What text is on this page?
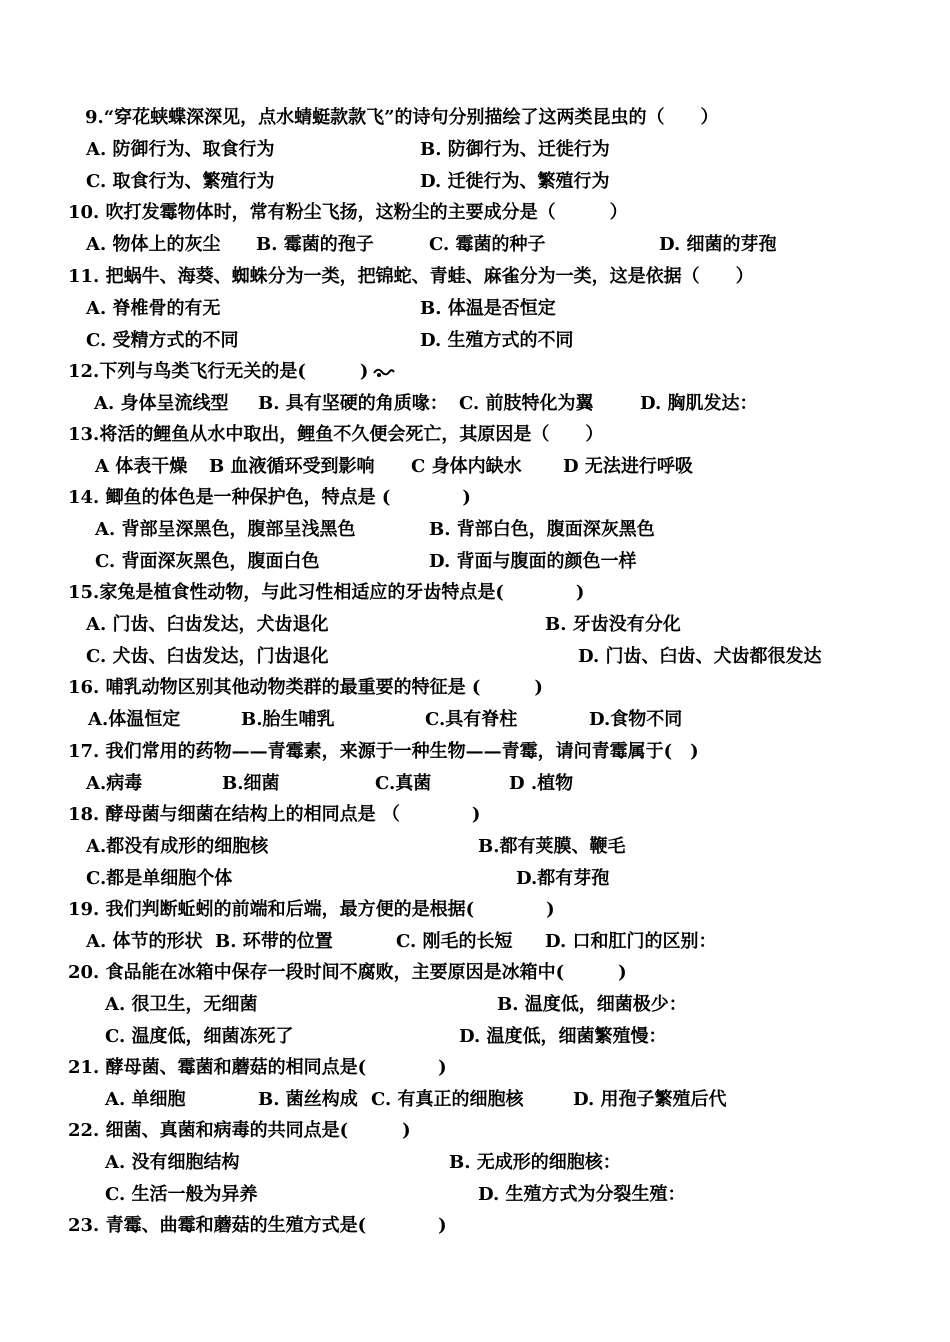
9.“穿花蛱蝶深深见，点水蜻蜓款款飞”的诗句分别描绘了这两类昆虫的（　　）
A. 防御行为、取食行为	B. 防御行为、迁徙行为
C. 取食行为、繁殖行为	D. 迁徙行为、繁殖行为
10. 吹打发霉物体时，常有粉尘飞扬，这粉尘的主要成分是（　　　）
A. 物体上的灰尘 B. 霉菌的孢子	C. 霉菌的种子	D. 细菌的芽孢
11. 把蜗牛、海葵、蜘蛛分为一类，把锦蛇、青蛙、麻雀分为一类，这是依据（　　）
A. 脊椎骨的有无	B. 体温是否恒定
C. 受精方式的不同	D. 生殖方式的不同
12.下列与鸟类飞行无关的是(　　　)
A. 身体呈流线型 B. 具有坚硬的角质喙： C. 前肢特化为翼	D. 胸肌发达：
13.将活的鲤鱼从水中取出，鲤鱼不久便会死亡，其原因是（　　）
A 体表干燥 B 血液循环受到影响 C 身体内缺水 D 无法进行呼吸
14. 鲫鱼的体色是一种保护色，特点是 (　　　　)
A. 背部呈深黑色，腹部呈浅黑色	B. 背部白色，腹面深灰黑色
C. 背面深灰黑色，腹面白色	D. 背面与腹面的颜色一样
15.家兔是植食性动物，与此习性相适应的牙齿特点是(　　　　)
A. 门齿、臼齿发达，犬齿退化	B. 牙齿没有分化
C. 犬齿、臼齿发达，门齿退化	D. 门齿、臼齿、犬齿都很发达
16. 哺乳动物区别其他动物类群的最重要的特征是 (　　　)
A.体温恒定	B.胎生哺乳	C.具有脊柱	D.食物不同
17. 我们常用的药物——青霉素，来源于一种生物——青霉，请问青霉属于(　)
A.病毒	B.细菌	C.真菌	D .植物
18. 酵母菌与细菌在结构上的相同点是 （　　　　)
A.都没有成形的细胞核	B.都有荚膜、鞭毛
C.都是单细胞个体	D.都有芽孢
19. 我们判断蚯蚓的前端和后端，最方便的是根据(　　　　)
A. 体节的形状 B. 环带的位置	C. 刚毛的长短 D. 口和肛门的区别：
20. 食品能在冰箱中保存一段时间不腐败，主要原因是冰箱中(　　　)
A. 很卫生，无细菌	B. 温度低，细菌极少：
C. 温度低，细菌冻死了	D. 温度低，细菌繁殖慢：
21. 酵母菌、霉菌和蘑菇的相同点是(　　　　)
A. 单细胞	B. 菌丝构成 C. 有真正的细胞核	D. 用孢子繁殖后代
22. 细菌、真菌和病毒的共同点是(　　　)
A. 没有细胞结构	B. 无成形的细胞核：
C. 生活一般为异养	D. 生殖方式为分裂生殖：
23. 青霉、曲霉和蘑菇的生殖方式是(　　　　)
